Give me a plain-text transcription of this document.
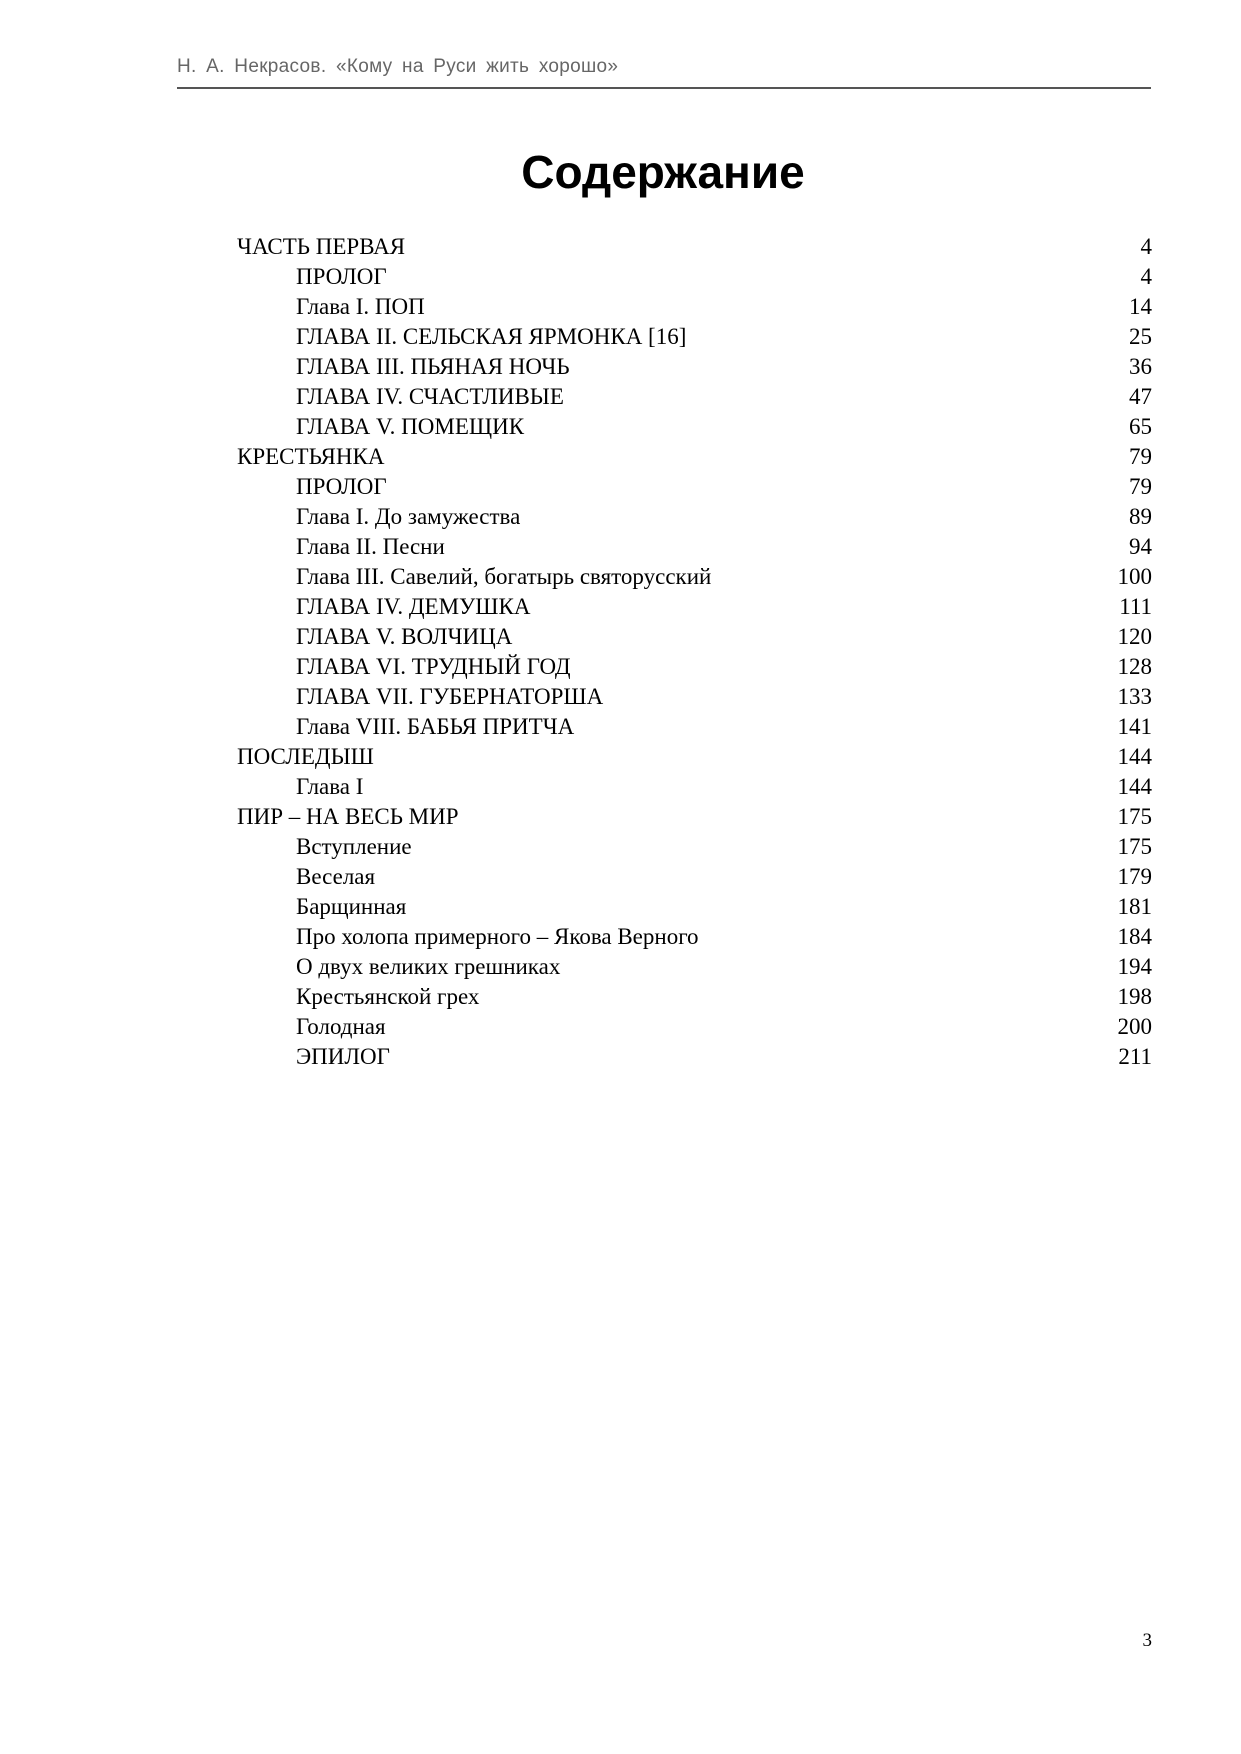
Н. А. Некрасов. «Кому на Руси жить хорошо»
Содержание
ЧАСТЬ ПЕРВАЯ	4
ПРОЛОГ	4
Глава I. ПОП	14
ГЛАВА II. СЕЛЬСКАЯ ЯРМОНКА [16]	25
ГЛАВА III. ПЬЯНАЯ НОЧЬ	36
ГЛАВА IV. СЧАСТЛИВЫЕ	47
ГЛАВА V. ПОМЕЩИК	65
КРЕСТЬЯНКА	79
ПРОЛОГ	79
Глава I. До замужества	89
Глава II. Песни	94
Глава III. Савелий, богатырь святорусский	100
ГЛАВА IV. ДЕМУШКА	111
ГЛАВА V. ВОЛЧИЦА	120
ГЛАВА VI. ТРУДНЫЙ ГОД	128
ГЛАВА VII. ГУБЕРНАТОРША	133
Глава VIII. БАБЬЯ ПРИТЧА	141
ПОСЛЕДЫШ	144
Глава I	144
ПИР – НА ВЕСЬ МИР	175
Вступление	175
Веселая	179
Барщинная	181
Про холопа примерного – Якова Верного	184
О двух великих грешниках	194
Крестьянской грех	198
Голодная	200
ЭПИЛОГ	211
3
